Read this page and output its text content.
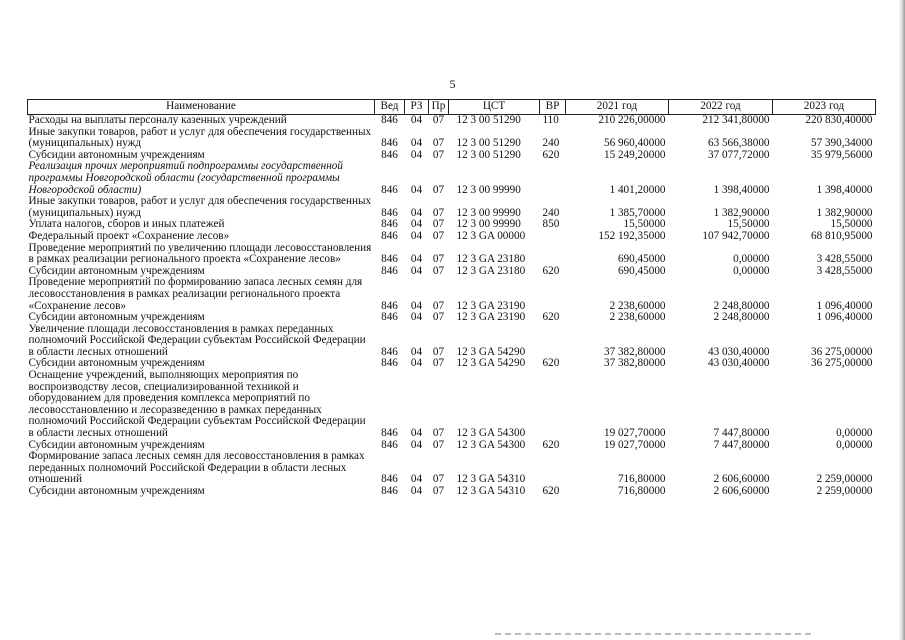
5
Наименование	Вед	РЗ	Пр	ЦСТ	ВР	2021 год	2022 год	2023 год
Расходы на выплаты персоналу казенных учреждений	846	04	07	12 3 00 51290	110	210 226,00000	212 341,80000	220 830,40000
Иные закупки товаров, работ и услуг для обеспечения государственных (муниципальных) нужд	846	04	07	12 3 00 51290	240	56 960,40000	63 566,38000	57 390,34000
Субсидии автономным учреждениям	846	04	07	12 3 00 51290	620	15 249,20000	37 077,72000	35 979,56000
Реализация прочих мероприятий подпрограммы государственной программы Новгородской области (государственной программы Новгородской области)	846	04	07	12 3 00 99990		1 401,20000	1 398,40000	1 398,40000
Иные закупки товаров, работ и услуг для обеспечения государственных (муниципальных) нужд	846	04	07	12 3 00 99990	240	1 385,70000	1 382,90000	1 382,90000
Уплата налогов, сборов и иных платежей	846	04	07	12 3 00 99990	850	15,50000	15,50000	15,50000
Федеральный проект «Сохранение лесов»	846	04	07	12 3 GA 00000		152 192,35000	107 942,70000	68 810,95000
Проведение мероприятий по увеличению площади лесовосстановления в рамках реализации регионального проекта «Сохранение лесов»	846	04	07	12 3 GA 23180		690,45000	0,00000	3 428,55000
Субсидии автономным учреждениям	846	04	07	12 3 GA 23180	620	690,45000	0,00000	3 428,55000
Проведение мероприятий по формированию запаса лесных семян для лесовосстановления в рамках реализации регионального проекта «Сохранение лесов»	846	04	07	12 3 GA 23190		2 238,60000	2 248,80000	1 096,40000
Субсидии автономным учреждениям	846	04	07	12 3 GA 23190	620	2 238,60000	2 248,80000	1 096,40000
Увеличение площади лесовосстановления в рамках переданных полномочий Российской Федерации субъектам Российской Федерации в области лесных отношений	846	04	07	12 3 GA 54290		37 382,80000	43 030,40000	36 275,00000
Субсидии автономным учреждениям	846	04	07	12 3 GA 54290	620	37 382,80000	43 030,40000	36 275,00000
Оснащение учреждений, выполняющих мероприятия по воспроизводству лесов, специализированной техникой и оборудованием для проведения комплекса мероприятий по лесовосстановлению и лесоразведению в рамках переданных полномочий Российской Федерации субъектам Российской Федерации в области лесных отношений	846	04	07	12 3 GA 54300		19 027,70000	7 447,80000	0,00000
Субсидии автономным учреждениям	846	04	07	12 3 GA 54300	620	19 027,70000	7 447,80000	0,00000
Формирование запаса лесных семян для лесовосстановления в рамках переданных полномочий Российской Федерации в области лесных отношений	846	04	07	12 3 GA 54310		716,80000	2 606,60000	2 259,00000
Субсидии автономным учреждениям	846	04	07	12 3 GA 54310	620	716,80000	2 606,60000	2 259,00000
